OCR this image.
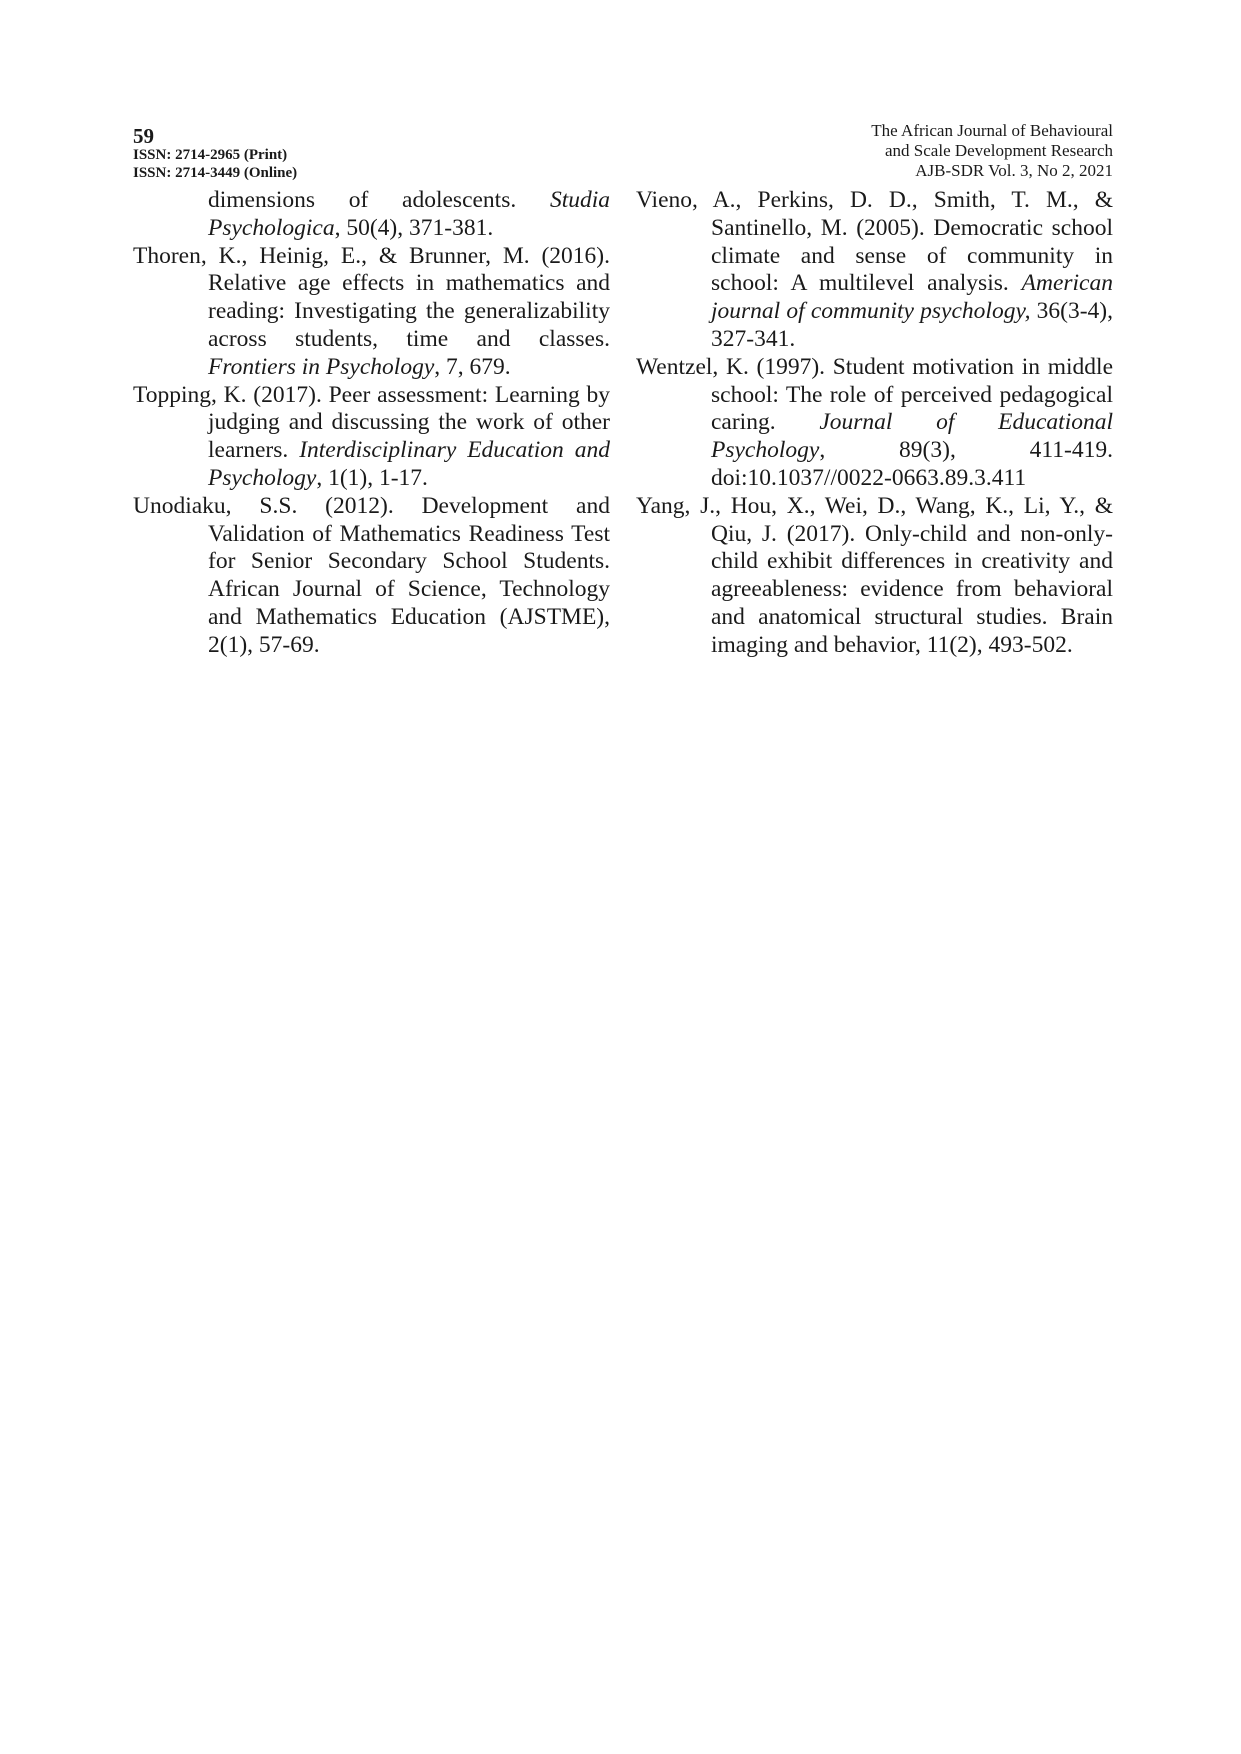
59
ISSN: 2714-2965 (Print)
ISSN: 2714-3449 (Online)
The African Journal of Behavioural
and Scale Development Research
AJB-SDR Vol. 3, No 2, 2021

dimensions of adolescents. Studia Psychologica, 50(4), 371-381.

Thoren, K., Heinig, E., & Brunner, M. (2016). Relative age effects in mathematics and reading: Investigating the generalizability across students, time and classes. Frontiers in Psychology, 7, 679.

Topping, K. (2017). Peer assessment: Learning by judging and discussing the work of other learners. Interdisciplinary Education and Psychology, 1(1), 1-17.

Unodiaku, S.S. (2012). Development and Validation of Mathematics Readiness Test for Senior Secondary School Students. African Journal of Science, Technology and Mathematics Education (AJSTME), 2(1), 57-69.

Vieno, A., Perkins, D. D., Smith, T. M., & Santinello, M. (2005). Democratic school climate and sense of community in school: A multilevel analysis. American journal of community psychology, 36(3-4), 327-341.

Wentzel, K. (1997). Student motivation in middle school: The role of perceived pedagogical caring. Journal of Educational Psychology, 89(3), 411-419. doi:10.1037//0022-0663.89.3.411

Yang, J., Hou, X., Wei, D., Wang, K., Li, Y., & Qiu, J. (2017). Only-child and non-only-child exhibit differences in creativity and agreeableness: evidence from behavioral and anatomical structural studies. Brain imaging and behavior, 11(2), 493-502.
